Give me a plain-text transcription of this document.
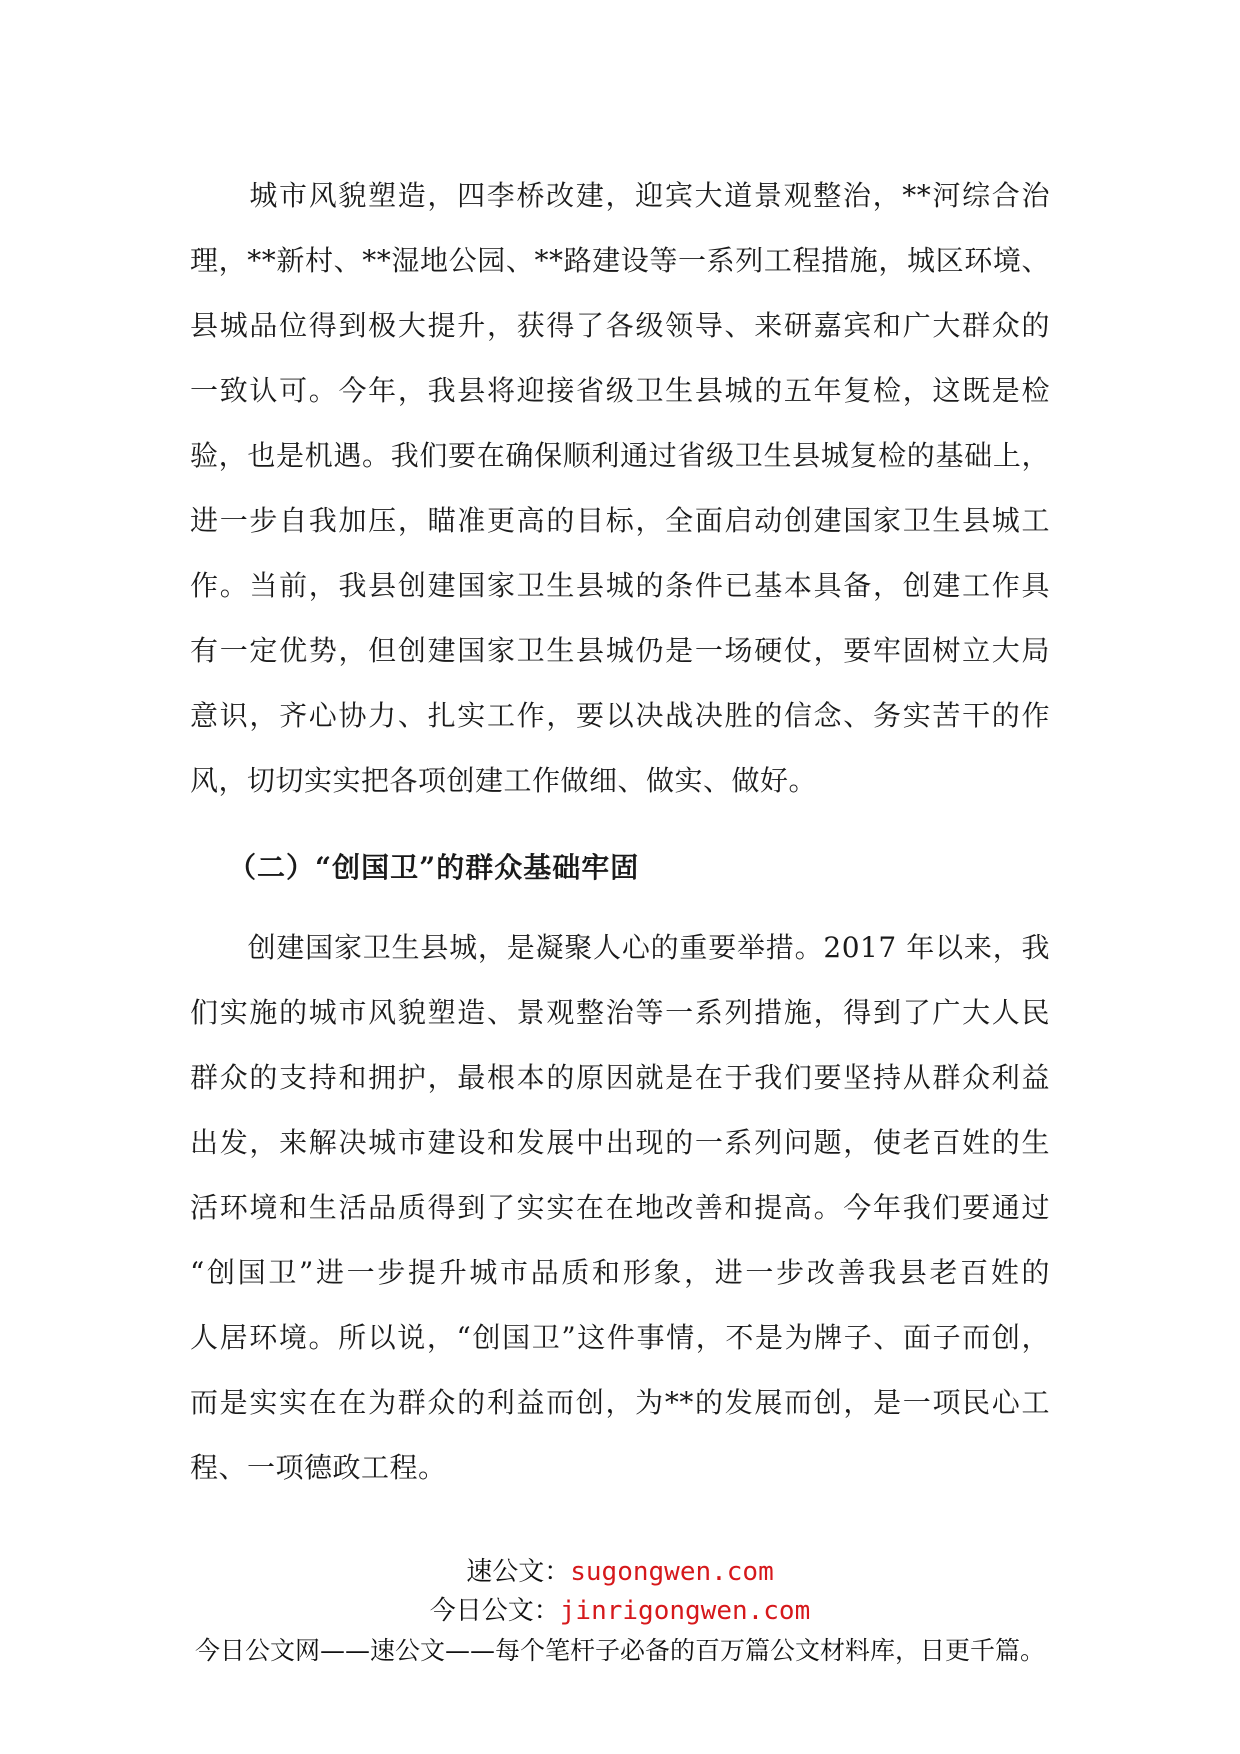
　　城市风貌塑造，四李桥改建，迎宾大道景观整治，**河综合治
理，**新村、**湿地公园、**路建设等一系列工程措施，城区环境、
县城品位得到极大提升，获得了各级领导、来研嘉宾和广大群众的
一致认可。今年，我县将迎接省级卫生县城的五年复检，这既是检
验，也是机遇。我们要在确保顺利通过省级卫生县城复检的基础上，
进一步自我加压，瞄准更高的目标，全面启动创建国家卫生县城工
作。当前，我县创建国家卫生县城的条件已基本具备，创建工作具
有一定优势，但创建国家卫生县城仍是一场硬仗，要牢固树立大局
意识，齐心协力、扎实工作，要以决战决胜的信念、务实苦干的作
风，切切实实把各项创建工作做细、做实、做好。
（二）“创国卫”的群众基础牢固
　　创建国家卫生县城，是凝聚人心的重要举措。2017 年以来，我
们实施的城市风貌塑造、景观整治等一系列措施，得到了广大人民
群众的支持和拥护，最根本的原因就是在于我们要坚持从群众利益
出发，来解决城市建设和发展中出现的一系列问题，使老百姓的生
活环境和生活品质得到了实实在在地改善和提高。今年我们要通过
“创国卫”进一步提升城市品质和形象，进一步改善我县老百姓的
人居环境。所以说，“创国卫”这件事情，不是为牌子、面子而创，
而是实实在在为群众的利益而创，为**的发展而创，是一项民心工
程、一项德政工程。
速公文：sugongwen.com
今日公文：jinrigongwen.com
今日公文网——速公文——每个笔杆子必备的百万篇公文材料库，日更千篇。
